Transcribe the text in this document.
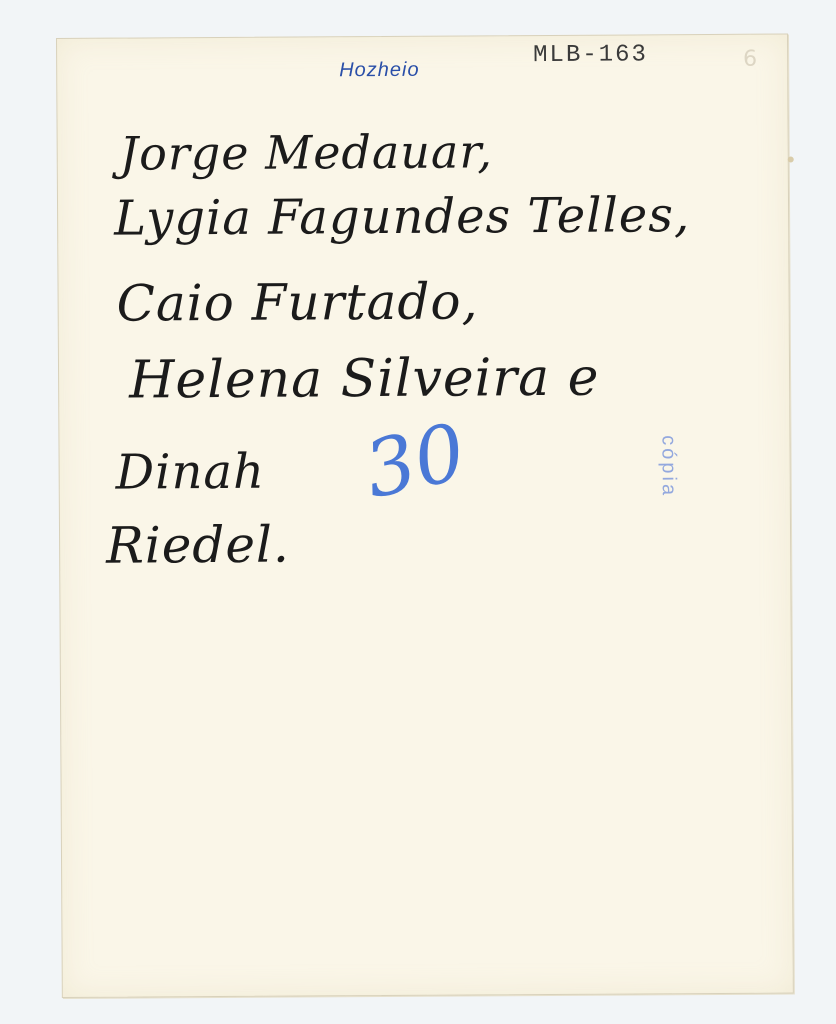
Hozheio
MLB-163	6
Jorge Medauar,
Lygia Fagundes Telles,
Caio Furtado,
Helena Silveira e
Dinah
Riedel.
30	cópia
